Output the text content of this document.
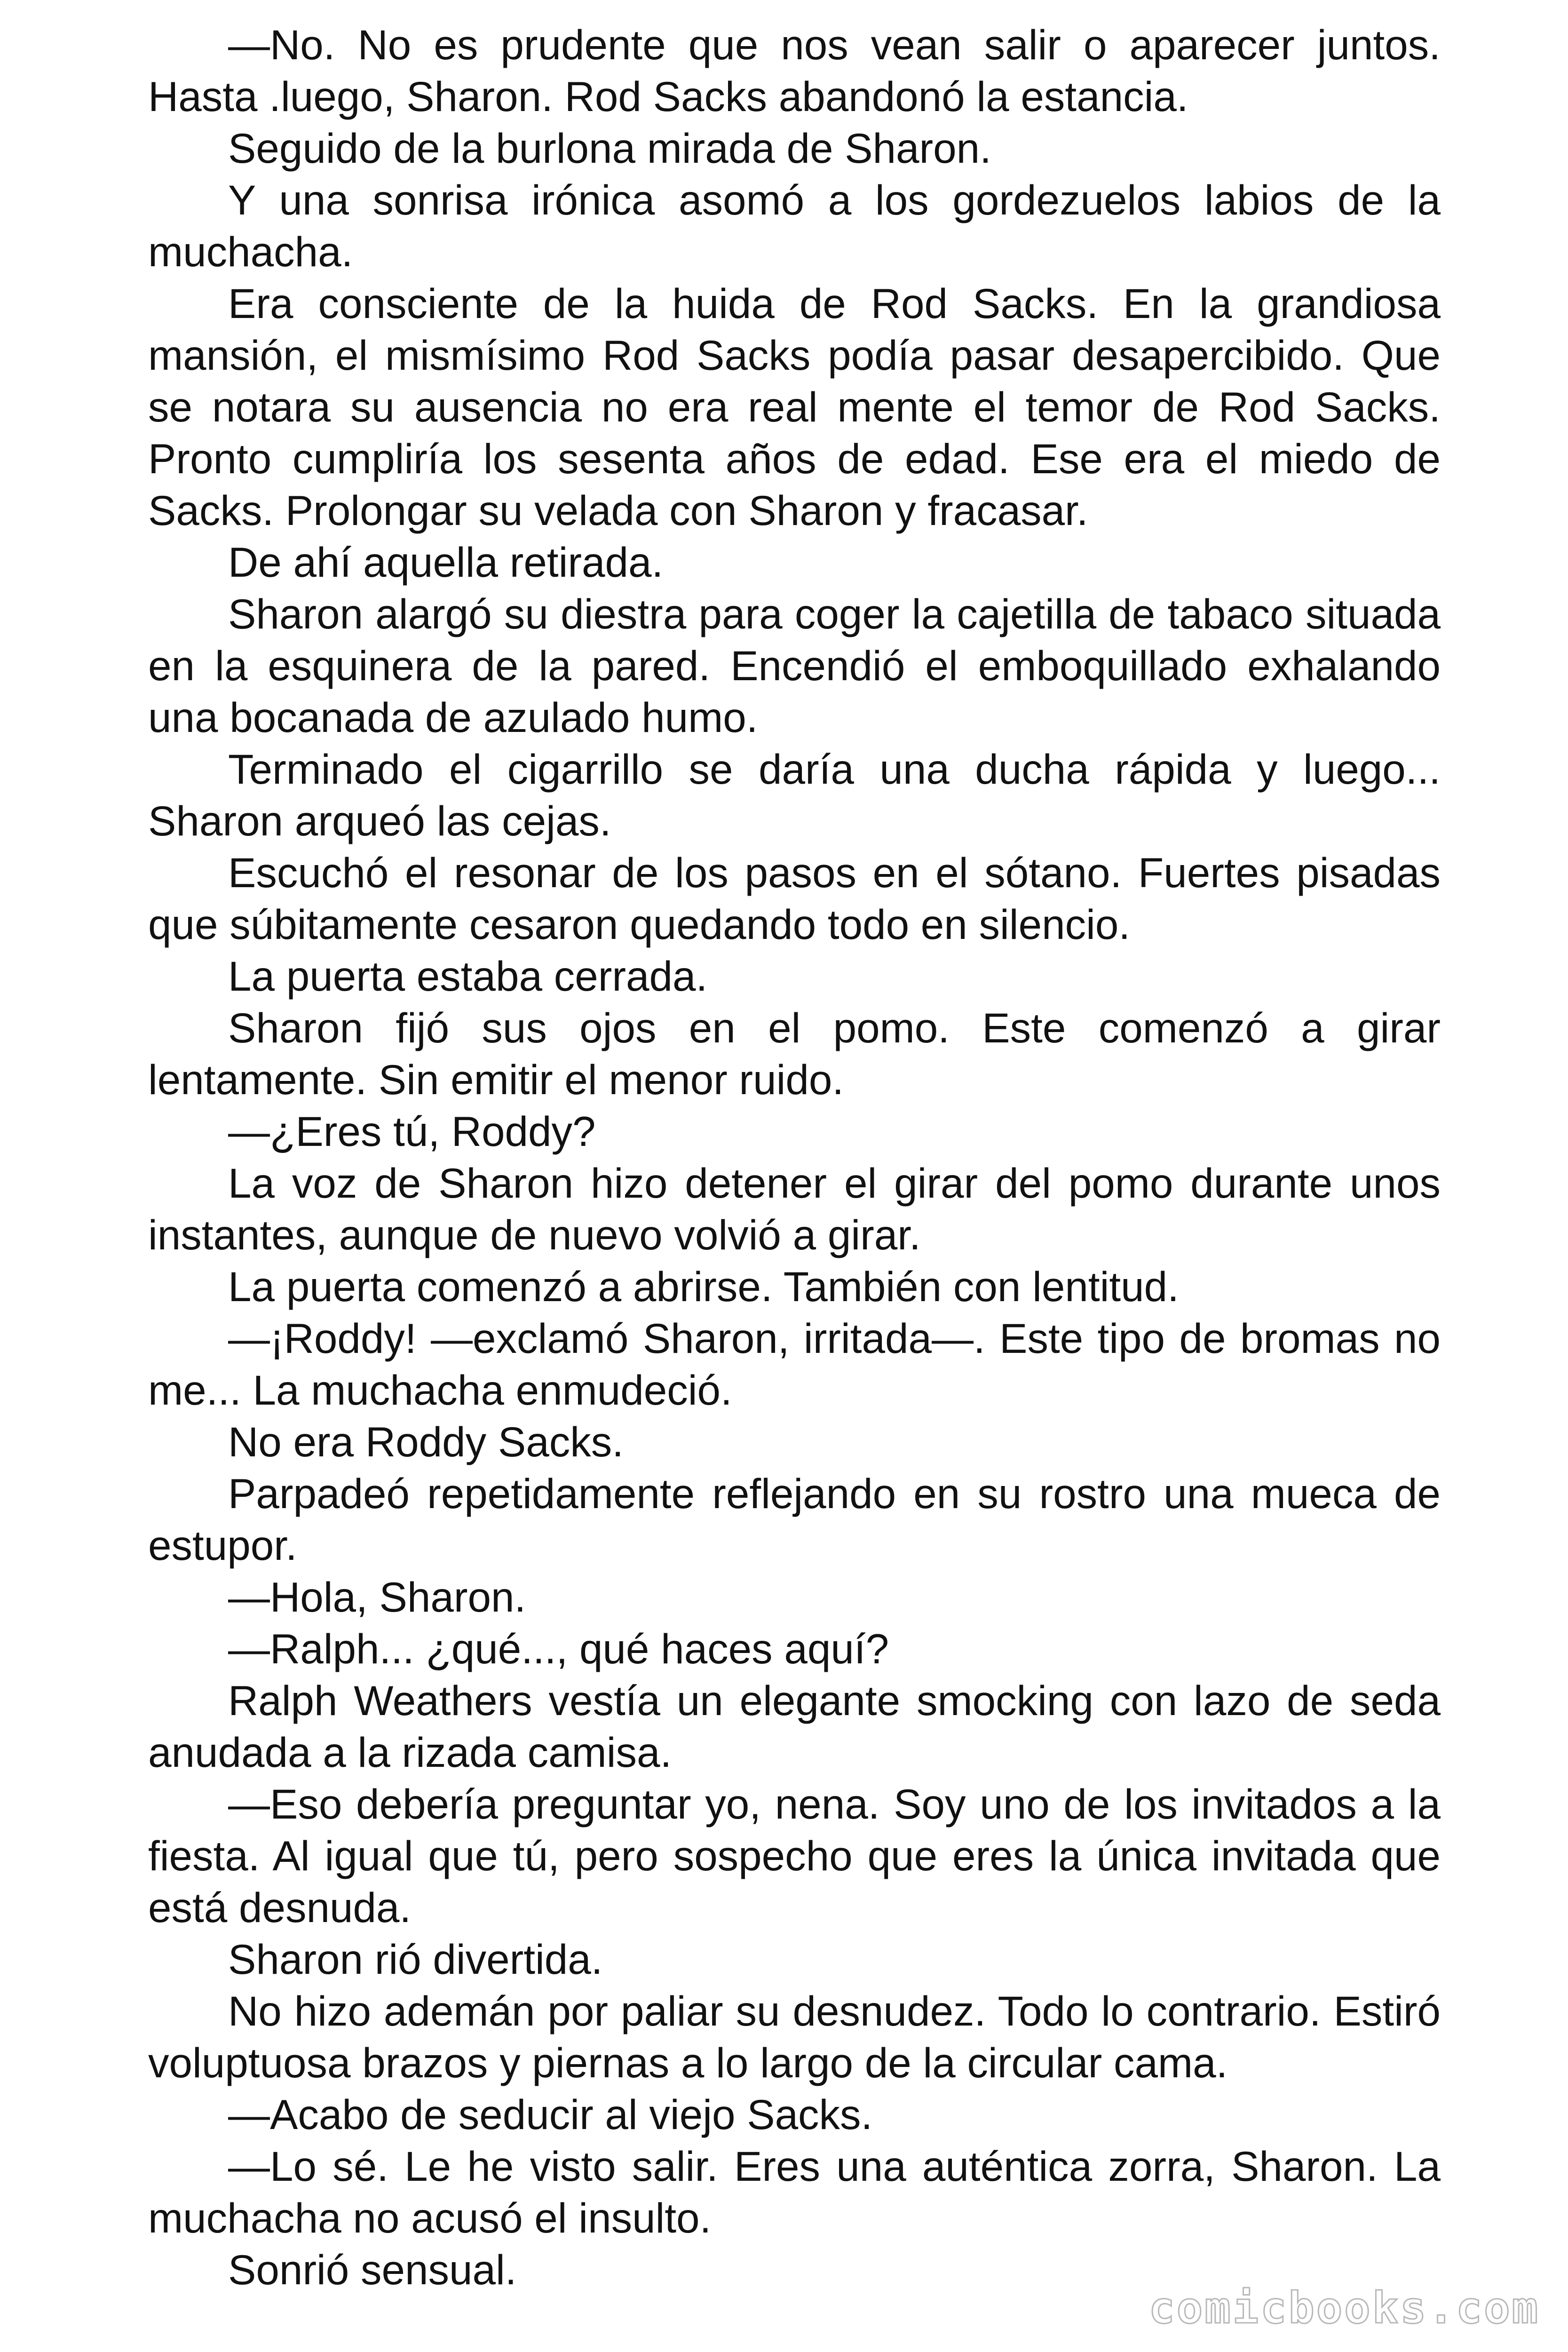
—No. No es prudente que nos vean salir o aparecer juntos. Hasta .luego, Sharon. Rod Sacks abandonó la estancia.

Seguido de la burlona mirada de Sharon.

Y una sonrisa irónica asomó a los gordezuelos labios de la muchacha.

Era consciente de la huida de Rod Sacks. En la grandiosa mansión, el mismísimo Rod Sacks podía pasar desapercibido. Que se notara su ausencia no era real mente el temor de Rod Sacks. Pronto cumpliría los sesenta años de edad. Ese era el miedo de Sacks. Prolongar su velada con Sharon y fracasar.

De ahí aquella retirada.

Sharon alargó su diestra para coger la cajetilla de tabaco situada en la esquinera de la pared. Encendió el emboquillado exhalando una bocanada de azulado humo.

Terminado el cigarrillo se daría una ducha rápida y luego... Sharon arqueó las cejas.

Escuchó el resonar de los pasos en el sótano. Fuertes pisadas que súbitamente cesaron quedando todo en silencio.

La puerta estaba cerrada.

Sharon fijó sus ojos en el pomo. Este comenzó a girar lentamente. Sin emitir el menor ruido.

—¿Eres tú, Roddy?

La voz de Sharon hizo detener el girar del pomo durante unos instantes, aunque de nuevo volvió a girar.

La puerta comenzó a abrirse. También con lentitud.

—¡Roddy! —exclamó Sharon, irritada—. Este tipo de bromas no me... La muchacha enmudeció.

No era Roddy Sacks.

Parpadeó repetidamente reflejando en su rostro una mueca de estupor.

—Hola, Sharon.

—Ralph... ¿qué..., qué haces aquí?

Ralph Weathers vestía un elegante smocking con lazo de seda anudada a la rizada camisa.

—Eso debería preguntar yo, nena. Soy uno de los invitados a la fiesta. Al igual que tú, pero sospecho que eres la única invitada que está desnuda.

Sharon rió divertida.

No hizo ademán por paliar su desnudez. Todo lo contrario. Estiró voluptuosa brazos y piernas a lo largo de la circular cama.

—Acabo de seducir al viejo Sacks.

—Lo sé. Le he visto salir. Eres una auténtica zorra, Sharon. La muchacha no acusó el insulto.

Sonrió sensual.

comicbooks.com
